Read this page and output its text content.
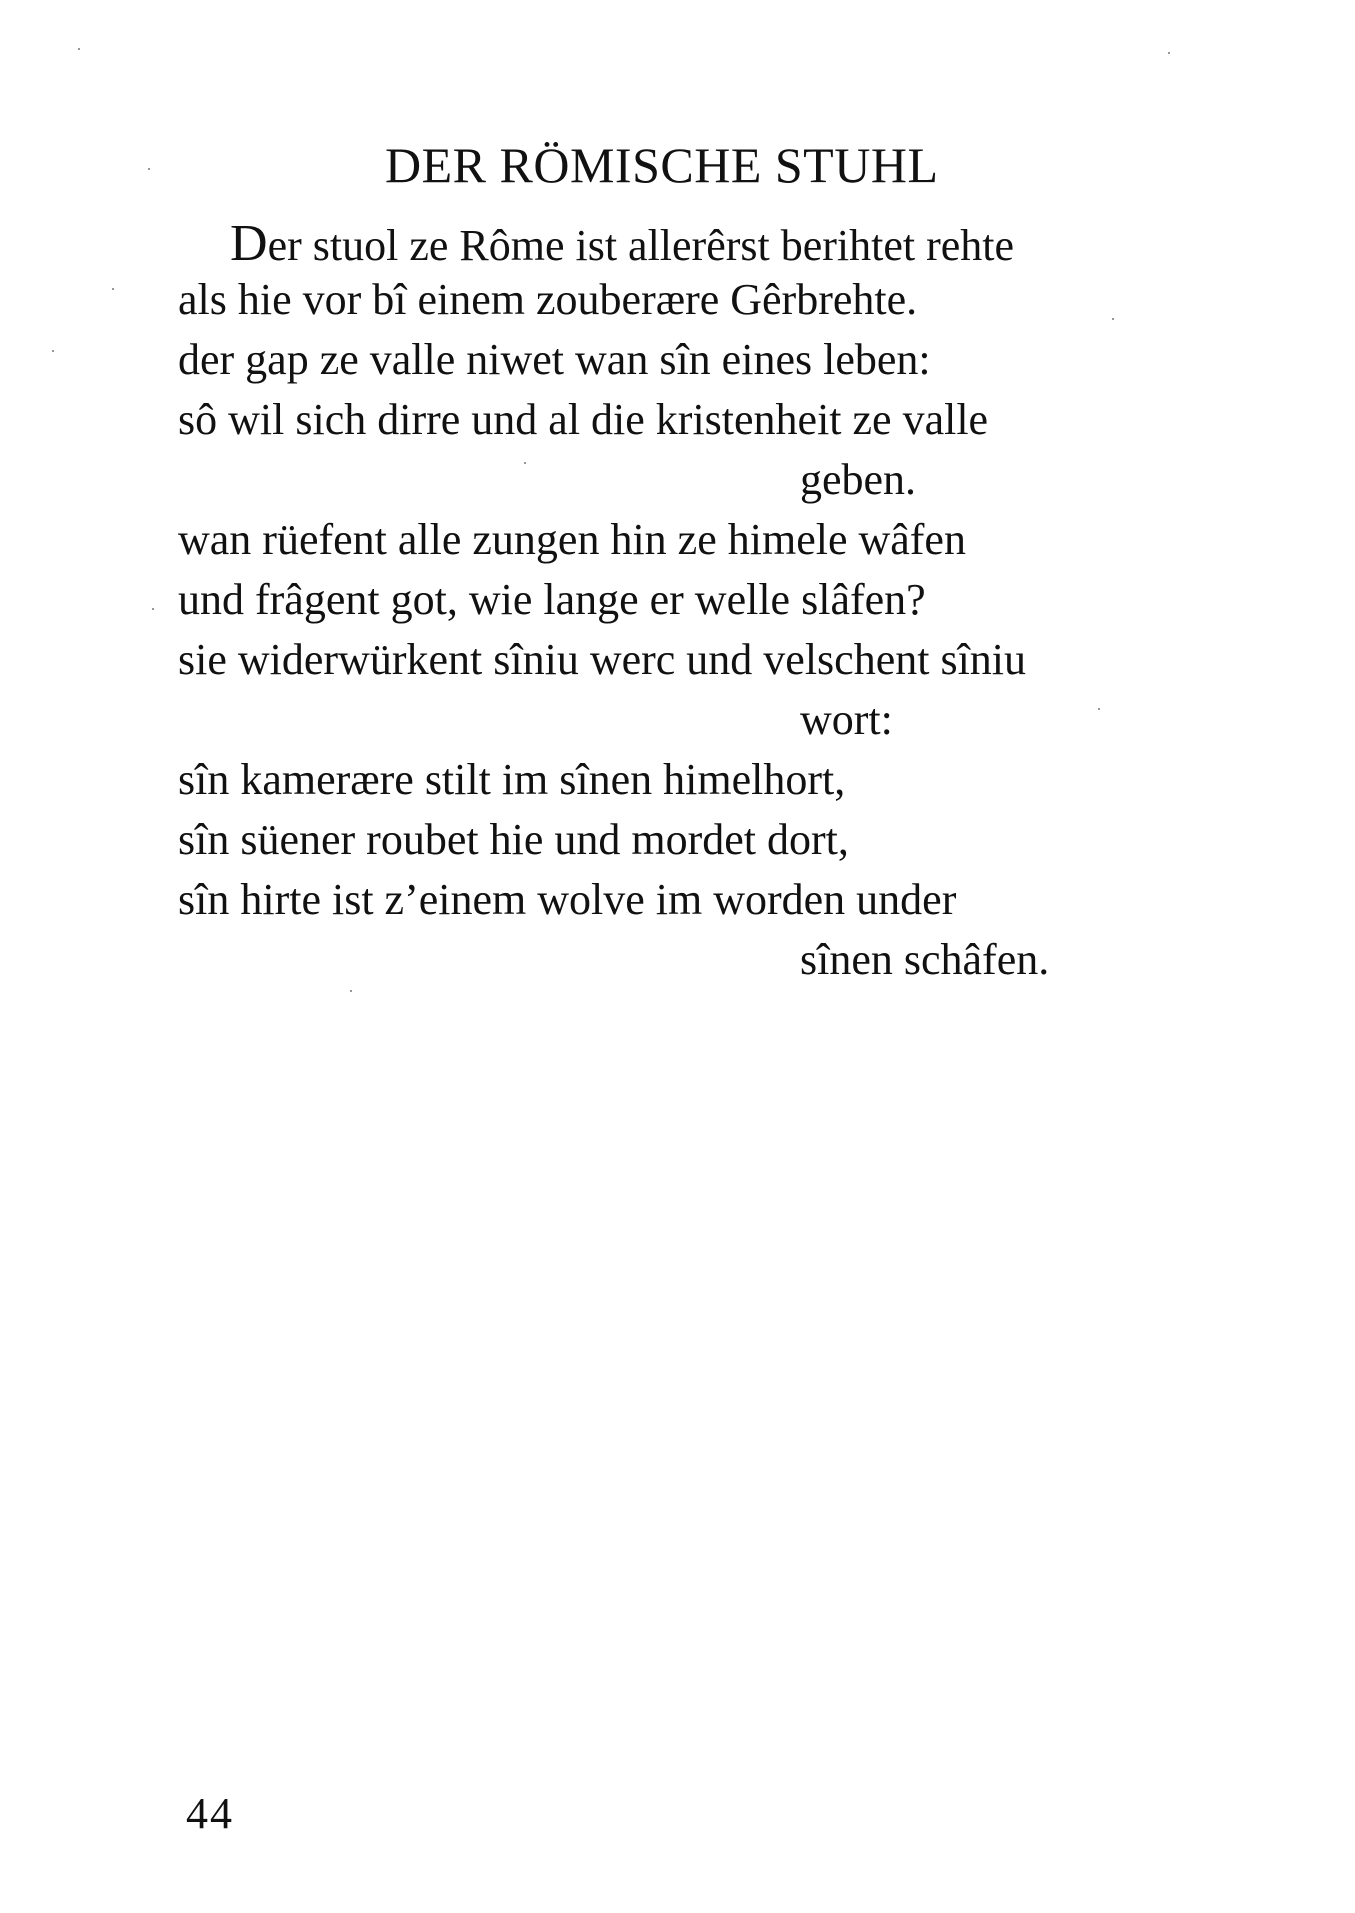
DER RÖMISCHE STUHL
Der stuol ze Rôme ist allerêrst berihtet rehte
als hie vor bî einem zouberære Gêrbrehte.
der gap ze valle niwet wan sîn eines leben:
sô wil sich dirre und al die kristenheit ze valle
geben.
wan rüefent alle zungen hin ze himele wâfen
und frâgent got, wie lange er welle slâfen?
sie widerwürkent sîniu werc und velschent sîniu
wort:
sîn kamerære stilt im sînen himelhort,
sîn süener roubet hie und mordet dort,
sîn hirte ist z’einem wolve im worden under
sînen schâfen.
44
